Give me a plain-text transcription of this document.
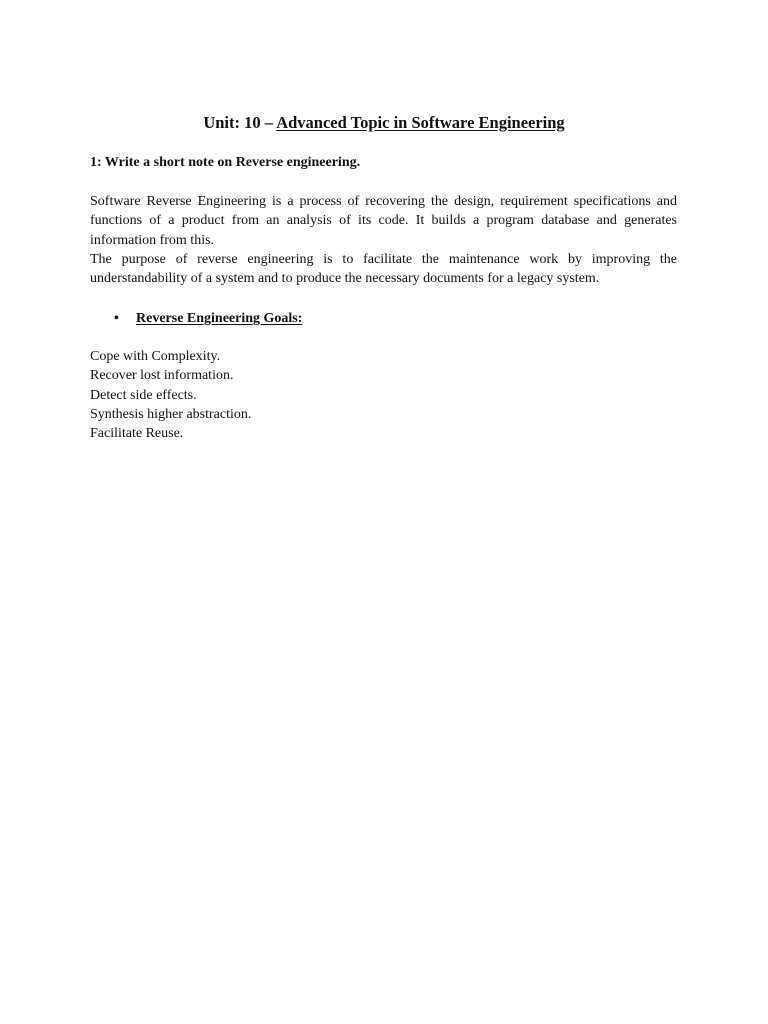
Unit: 10 – Advanced Topic in Software Engineering
1: Write a short note on Reverse engineering.
Software Reverse Engineering is a process of recovering the design, requirement specifications and functions of a product from an analysis of its code. It builds a program database and generates information from this.
The purpose of reverse engineering is to facilitate the maintenance work by improving the understandability of a system and to produce the necessary documents for a legacy system.
• Reverse Engineering Goals:
Cope with Complexity.
Recover lost information.
Detect side effects.
Synthesis higher abstraction.
Facilitate Reuse.
